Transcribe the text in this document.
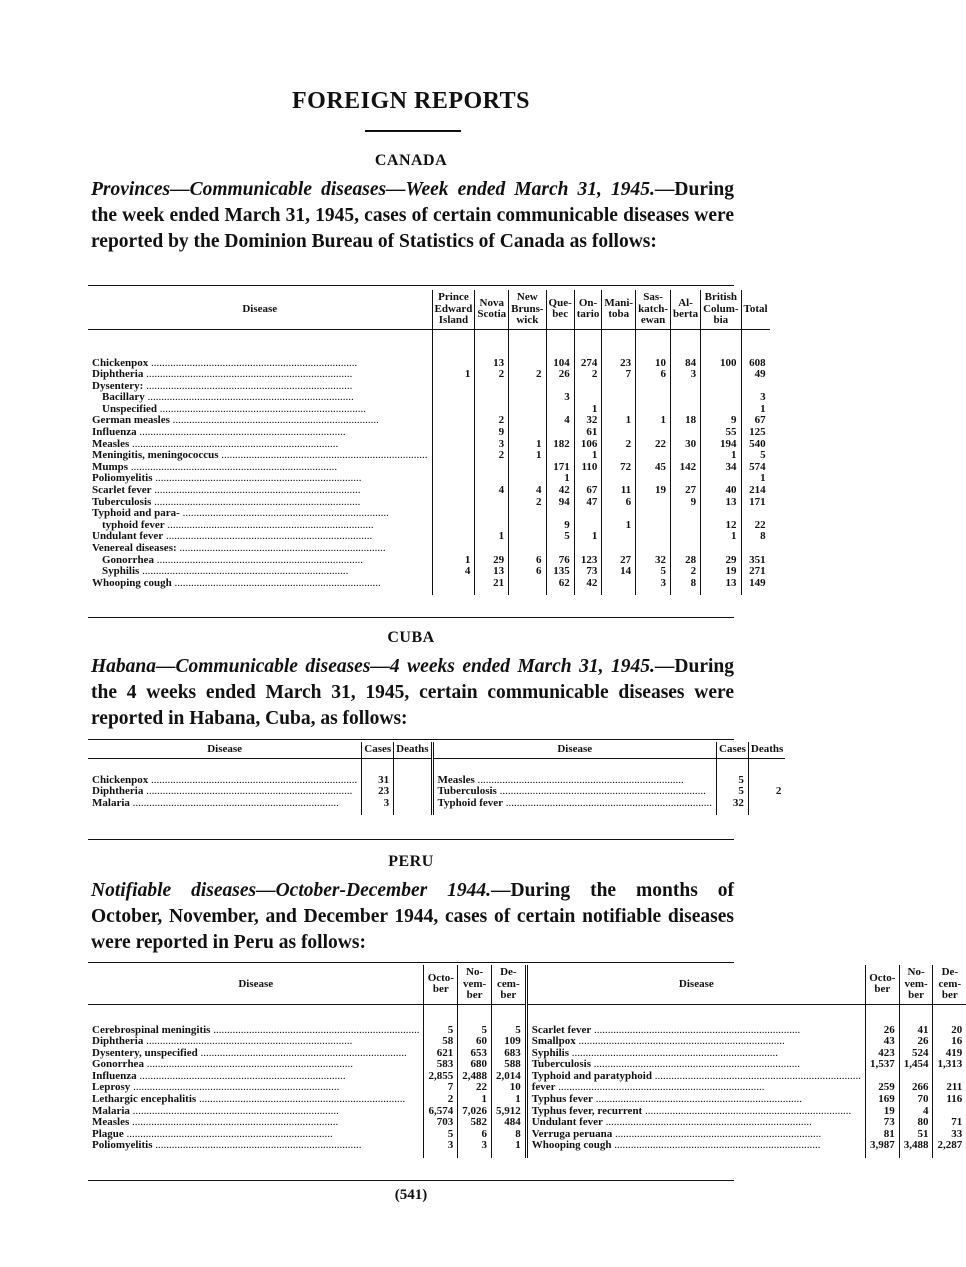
FOREIGN REPORTS
CANADA
Provinces—Communicable diseases—Week ended March 31, 1945.—During the week ended March 31, 1945, cases of certain communicable diseases were reported by the Dominion Bureau of Statistics of Canada as follows:
Disease	Prince Edward Island	Nova Scotia	New Bruns-wick	Que-bec	On-tario	Mani-toba	Sas-katch-ewan	Al-berta	British Colum-bia	Total

Chickenpox .....		13		104	274	23	10	84	100	608
Diphtheria .....	1	2	2	26	2	7	6	3		49
Dysentery: .....										
Bacillary .....				3						3
Unspecified .....					1					1
German measles .....		2		4	32	1	1	18	9	67
Influenza .....		9			61				55	125
Measles .....		3	1	182	106	2	22	30	194	540
Meningitis, meningococcus .....		2	1		1				1	5
Mumps .....				171	110	72	45	142	34	574
Poliomyelitis .....				1						1
Scarlet fever .....		4	4	42	67	11	19	27	40	214
Tuberculosis .....			2	94	47	6		9	13	171
Typhoid and para- .....										
typhoid fever .....				9		1			12	22
Undulant fever .....		1		5	1				1	8
Venereal diseases: .....										
Gonorrhea .....	1	29	6	76	123	27	32	28	29	351
Syphilis .....	4	13	6	135	73	14	5	2	19	271
Whooping cough .....		21		62	42		3	8	13	149

CUBA
Habana—Communicable diseases—4 weeks ended March 31, 1945.—During the 4 weeks ended March 31, 1945, certain communicable diseases were reported in Habana, Cuba, as follows:
Disease	Cases	Deaths	Disease	Cases	Deaths

Chickenpox .....	31		Measles .....	5	
Diphtheria .....	23		Tuberculosis .....	5	2
Malaria .....	3		Typhoid fever .....	32	

PERU
Notifiable diseases—October-December 1944.—During the months of October, November, and December 1944, cases of certain notifiable diseases were reported in Peru as follows:
Disease	Octo-ber	No-vem-ber	De-cem-ber	Disease	Octo-ber	No-vem-ber	De-cem-ber

Cerebrospinal meningitis .....	5	5	5	Scarlet fever .....	26	41	20
Diphtheria .....	58	60	109	Smallpox .....	43	26	16
Dysentery, unspecified .....	621	653	683	Syphilis .....	423	524	419
Gonorrhea .....	583	680	588	Tuberculosis .....	1,537	1,454	1,313
Influenza .....	2,855	2,488	2,014	Typhoid and paratyphoid .....			
Leprosy .....	7	22	10	fever .....	259	266	211
Lethargic encephalitis .....	2	1	1	Typhus fever .....	169	70	116
Malaria .....	6,574	7,026	5,912	Typhus fever, recurrent .....	19	4	
Measles .....	703	582	484	Undulant fever .....	73	80	71
Plague .....	5	6	8	Verruga peruana .....	81	51	33
Poliomyelitis .....	3	3	1	Whooping cough .....	3,987	3,488	2,287

(541)
